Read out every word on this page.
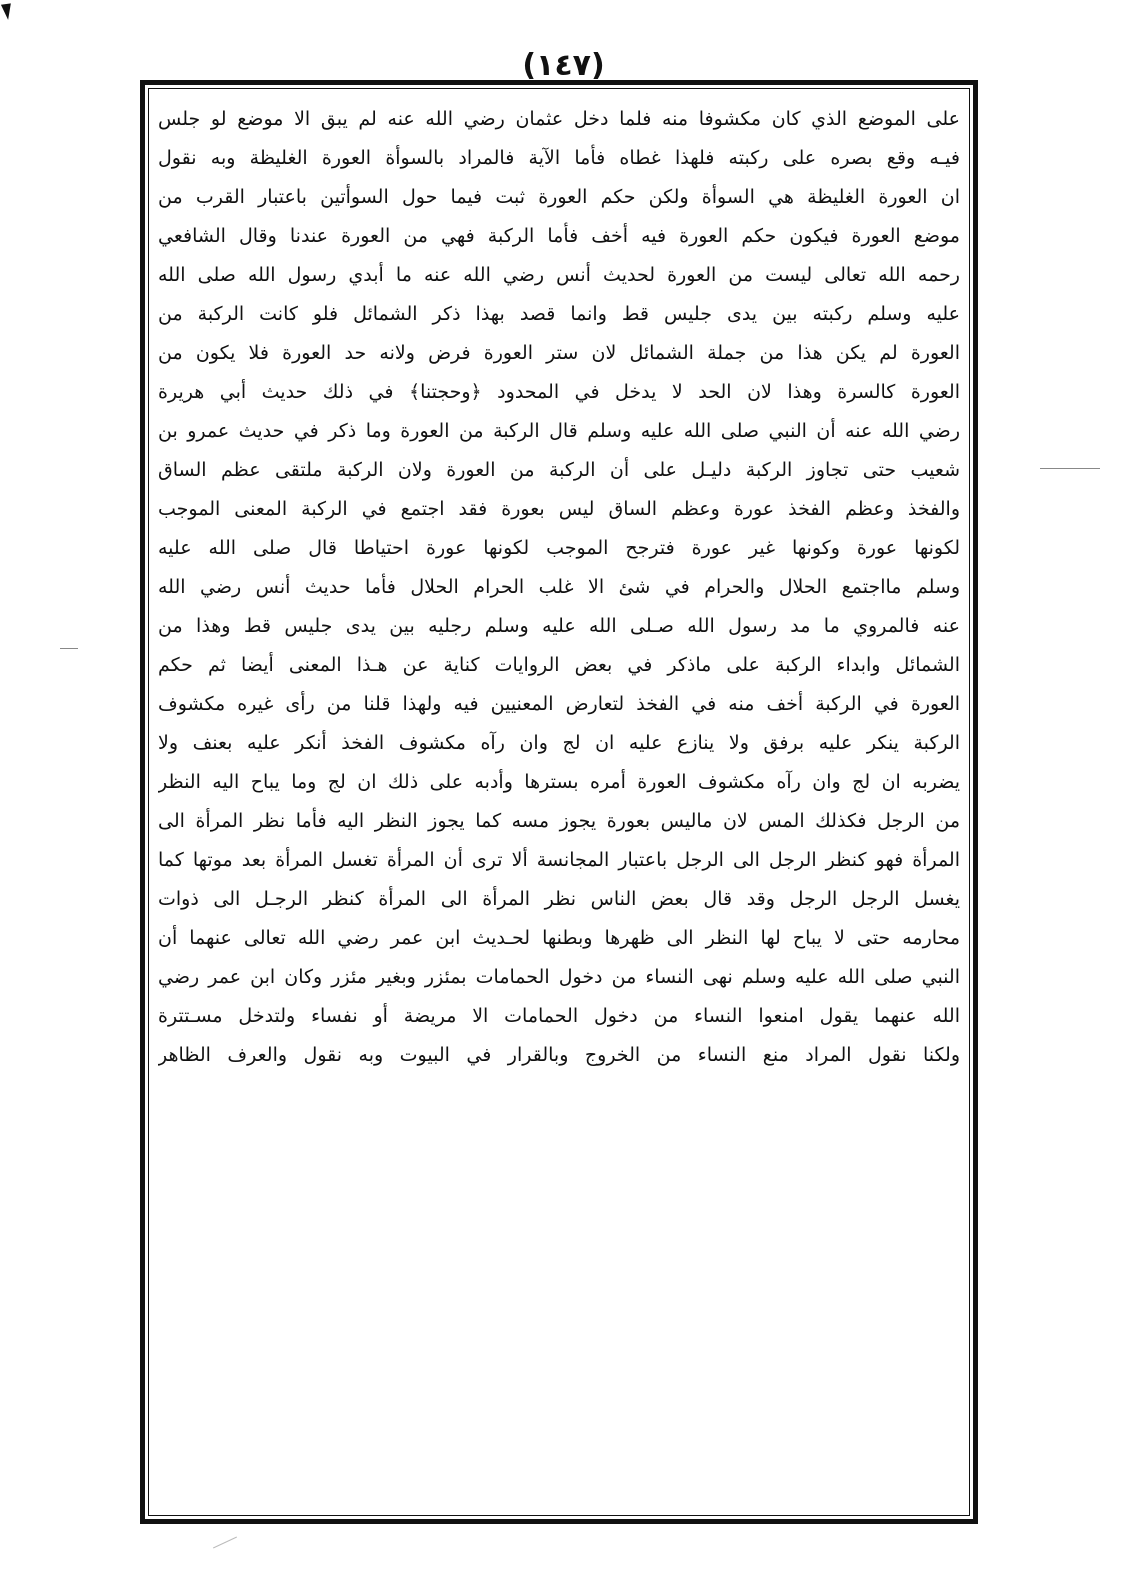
(١٤٧)
على الموضع الذي كان مكشوفا منه فلما دخل عثمان رضي الله عنه لم يبق الا موضع لو جلس
فيـه وقع بصره على ركبته فلهذا غطاه فأما الآية فالمراد بالسوأة العورة الغليظة وبه نقول
ان العورة الغليظة هي السوأة ولكن حكم العورة ثبت فيما حول السوأتين باعتبار القرب من
موضع العورة فيكون حكم العورة فيه أخف فأما الركبة فهي من العورة عندنا وقال الشافعي
رحمه الله تعالى ليست من العورة لحديث أنس رضي الله عنه ما أبدي رسول الله صلى الله
عليه وسلم ركبته بين يدى جليس قط وانما قصد بهذا ذكر الشمائل فلو كانت الركبة من
العورة لم يكن هذا من جملة الشمائل لان ستر العورة فرض ولانه حد العورة فلا يكون من
العورة كالسرة وهذا لان الحد لا يدخل في المحدود ﴿وحجتنا﴾ في ذلك حديث أبي هريرة
رضي الله عنه أن النبي صلى الله عليه وسلم قال الركبة من العورة وما ذكر في حديث عمرو بن
شعيب حتى تجاوز الركبة دليـل على أن الركبة من العورة ولان الركبة ملتقى عظم الساق
والفخذ وعظم الفخذ عورة وعظم الساق ليس بعورة فقد اجتمع في الركبة المعنى الموجب
لكونها عورة وكونها غير عورة فترجح الموجب لكونها عورة احتياطا قال صلى الله عليه
وسلم مااجتمع الحلال والحرام في شئ الا غلب الحرام الحلال فأما حديث أنس رضي الله
عنه فالمروي ما مد رسول الله صـلى الله عليه وسلم رجليه بين يدى جليس قط وهذا من
الشمائل وابداء الركبة على ماذكر في بعض الروايات كناية عن هـذا المعنى أيضا ثم حكم
العورة في الركبة أخف منه في الفخذ لتعارض المعنيين فيه ولهذا قلنا من رأى غيره مكشوف
الركبة ينكر عليه برفق ولا ينازع عليه ان لج وان رآه مكشوف الفخذ أنكر عليه بعنف ولا
يضربه ان لج وان رآه مكشوف العورة أمره بسترها وأدبه على ذلك ان لج وما يباح اليه النظر
من الرجل فكذلك المس لان ماليس بعورة يجوز مسه كما يجوز النظر اليه فأما نظر المرأة الى
المرأة فهو كنظر الرجل الى الرجل باعتبار المجانسة ألا ترى أن المرأة تغسل المرأة بعد موتها كما
يغسل الرجل الرجل وقد قال بعض الناس نظر المرأة الى المرأة كنظر الرجـل الى ذوات
محارمه حتى لا يباح لها النظر الى ظهرها وبطنها لحـديث ابن عمر رضي الله تعالى عنهما أن
النبي صلى الله عليه وسلم نهى النساء من دخول الحمامات بمئزر وبغير مئزر وكان ابن عمر رضي
الله عنهما يقول امنعوا النساء من دخول الحمامات الا مريضة أو نفساء ولتدخل مسـتترة
ولكنا نقول المراد منع النساء من الخروج وبالقرار في البيوت وبه نقول والعرف الظاهر
